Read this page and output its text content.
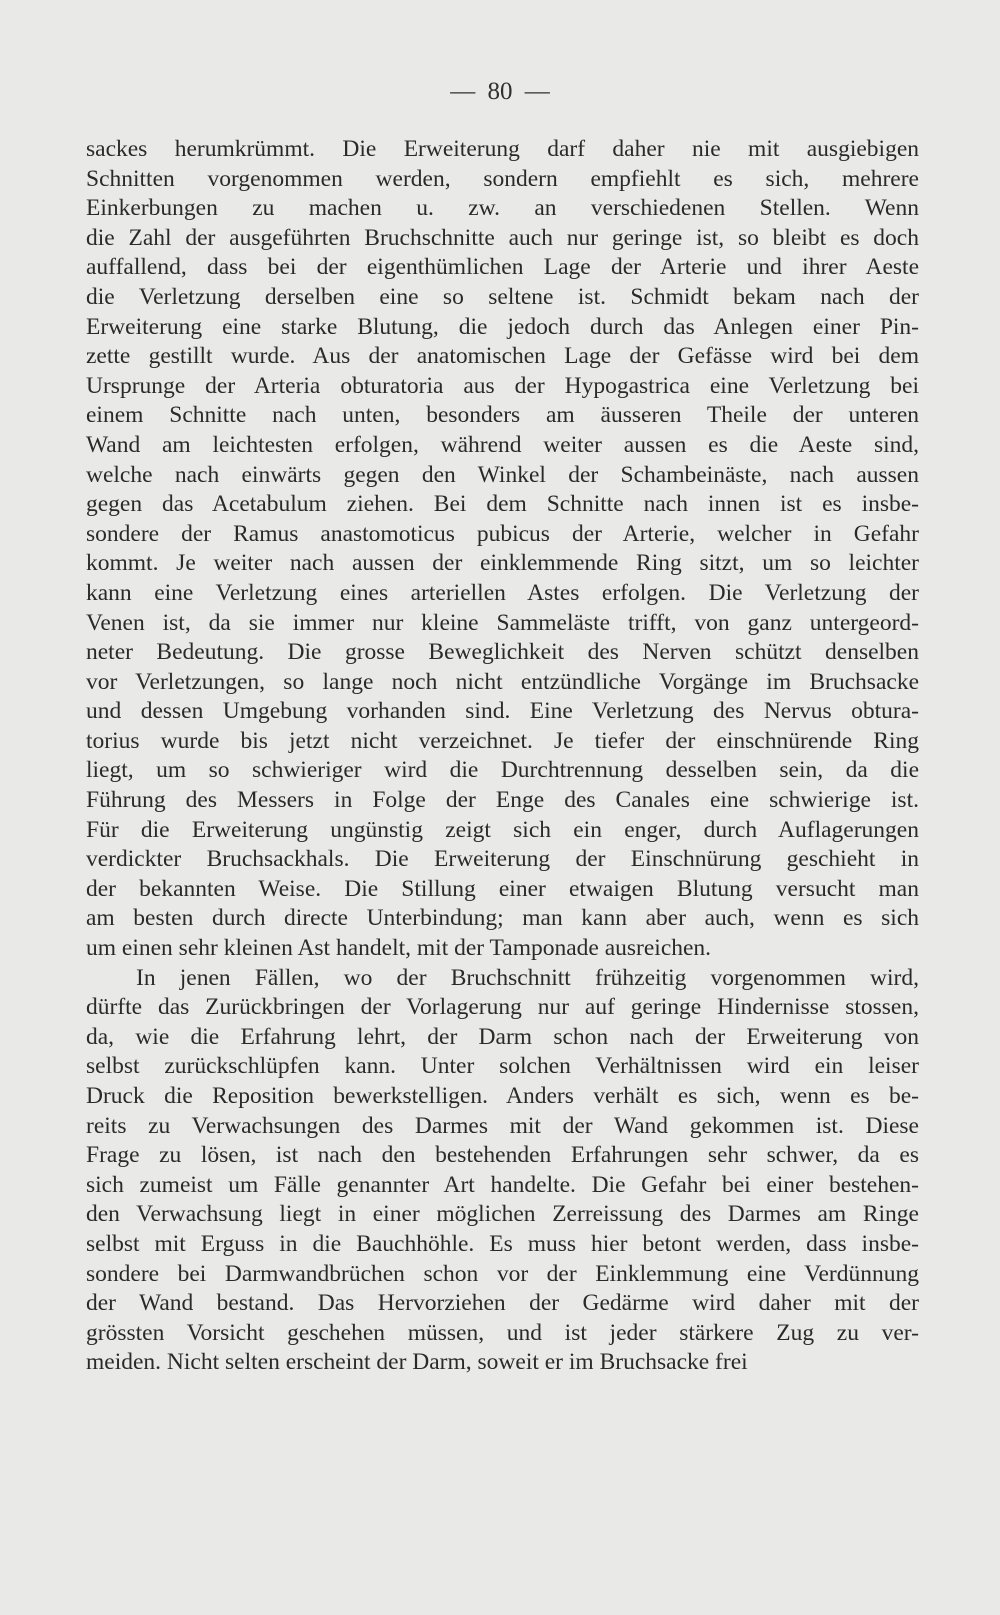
— 80 —
sackes herumkrümmt. Die Erweiterung darf daher nie mit ausgiebigen
Schnitten vorgenommen werden, sondern empfiehlt es sich, mehrere
Einkerbungen zu machen u. zw. an verschiedenen Stellen. Wenn
die Zahl der ausgeführten Bruchschnitte auch nur geringe ist, so bleibt es doch
auffallend, dass bei der eigenthümlichen Lage der Arterie und ihrer Aeste
die Verletzung derselben eine so seltene ist. Schmidt bekam nach der
Erweiterung eine starke Blutung, die jedoch durch das Anlegen einer Pin-
zette gestillt wurde. Aus der anatomischen Lage der Gefässe wird bei dem
Ursprunge der Arteria obturatoria aus der Hypogastrica eine Verletzung bei
einem Schnitte nach unten, besonders am äusseren Theile der unteren
Wand am leichtesten erfolgen, während weiter aussen es die Aeste sind,
welche nach einwärts gegen den Winkel der Schambeinäste, nach aussen
gegen das Acetabulum ziehen. Bei dem Schnitte nach innen ist es insbe-
sondere der Ramus anastomoticus pubicus der Arterie, welcher in Gefahr
kommt. Je weiter nach aussen der einklemmende Ring sitzt, um so leichter
kann eine Verletzung eines arteriellen Astes erfolgen. Die Verletzung der
Venen ist, da sie immer nur kleine Sammeläste trifft, von ganz untergeord-
neter Bedeutung. Die grosse Beweglichkeit des Nerven schützt denselben
vor Verletzungen, so lange noch nicht entzündliche Vorgänge im Bruchsacke
und dessen Umgebung vorhanden sind. Eine Verletzung des Nervus obtura-
torius wurde bis jetzt nicht verzeichnet. Je tiefer der einschnürende Ring
liegt, um so schwieriger wird die Durchtrennung desselben sein, da die
Führung des Messers in Folge der Enge des Canales eine schwierige ist.
Für die Erweiterung ungünstig zeigt sich ein enger, durch Auflagerungen
verdickter Bruchsackhals. Die Erweiterung der Einschnürung geschieht in
der bekannten Weise. Die Stillung einer etwaigen Blutung versucht man
am besten durch directe Unterbindung; man kann aber auch, wenn es sich
um einen sehr kleinen Ast handelt, mit der Tamponade ausreichen.
In jenen Fällen, wo der Bruchschnitt frühzeitig vorgenommen wird,
dürfte das Zurückbringen der Vorlagerung nur auf geringe Hindernisse stossen,
da, wie die Erfahrung lehrt, der Darm schon nach der Erweiterung von
selbst zurückschlüpfen kann. Unter solchen Verhältnissen wird ein leiser
Druck die Reposition bewerkstelligen. Anders verhält es sich, wenn es be-
reits zu Verwachsungen des Darmes mit der Wand gekommen ist. Diese
Frage zu lösen, ist nach den bestehenden Erfahrungen sehr schwer, da es
sich zumeist um Fälle genannter Art handelte. Die Gefahr bei einer bestehen-
den Verwachsung liegt in einer möglichen Zerreissung des Darmes am Ringe
selbst mit Erguss in die Bauchhöhle. Es muss hier betont werden, dass insbe-
sondere bei Darmwandbrüchen schon vor der Einklemmung eine Verdünnung
der Wand bestand. Das Hervorziehen der Gedärme wird daher mit der
grössten Vorsicht geschehen müssen, und ist jeder stärkere Zug zu ver-
meiden. Nicht selten erscheint der Darm, soweit er im Bruchsacke frei
